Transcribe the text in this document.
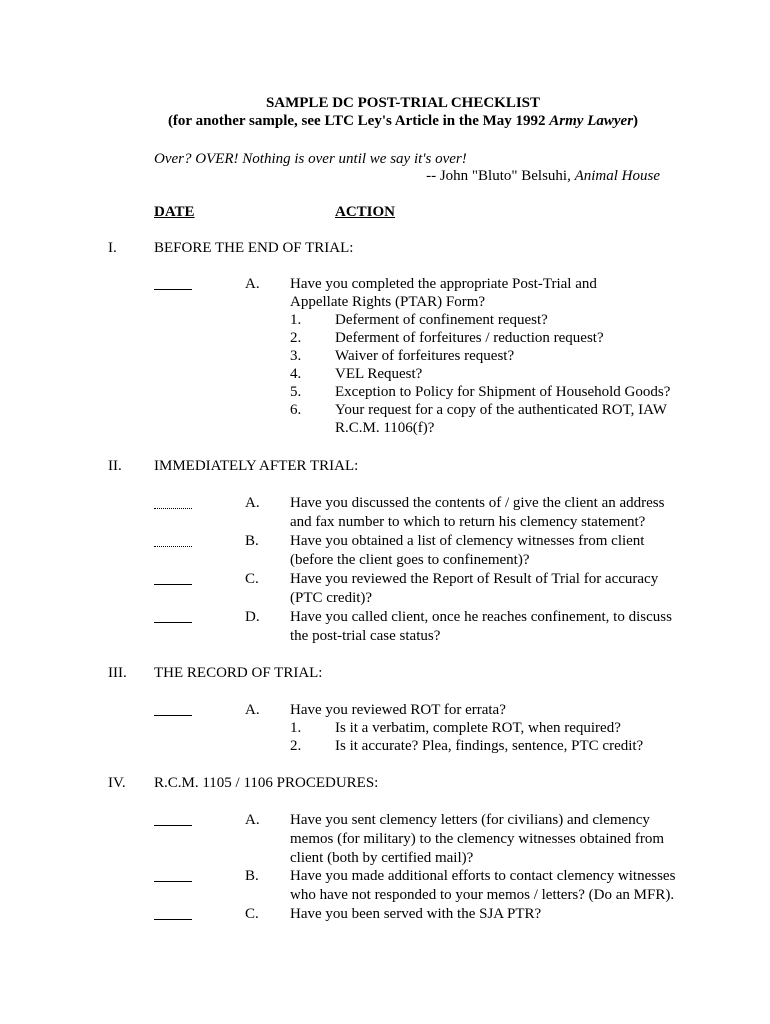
SAMPLE DC POST-TRIAL CHECKLIST
(for another sample, see LTC Ley's Article in the May 1992 Army Lawyer)
Over? OVER! Nothing is over until we say it's over!
-- John "Bluto" Belsuhi, Animal House
DATE	ACTION
I. BEFORE THE END OF TRIAL:
A. Have you completed the appropriate Post-Trial and
Appellate Rights (PTAR) Form?
1. Deferment of confinement request?
2. Deferment of forfeitures / reduction request?
3. Waiver of forfeitures request?
4. VEL Request?
5. Exception to Policy for Shipment of Household Goods?
6. Your request for a copy of the authenticated ROT, IAW
R.C.M. 1106(f)?
II. IMMEDIATELY AFTER TRIAL:
A. Have you discussed the contents of / give the client an address
and fax number to which to return his clemency statement?
B. Have you obtained a list of clemency witnesses from client
(before the client goes to confinement)?
C. Have you reviewed the Report of Result of Trial for accuracy
(PTC credit)?
D. Have you called client, once he reaches confinement, to discuss
the post-trial case status?
III. THE RECORD OF TRIAL:
A. Have you reviewed ROT for errata?
1. Is it a verbatim, complete ROT, when required?
2. Is it accurate? Plea, findings, sentence, PTC credit?
IV. R.C.M. 1105 / 1106 PROCEDURES:
A. Have you sent clemency letters (for civilians) and clemency
memos (for military) to the clemency witnesses obtained from
client (both by certified mail)?
B. Have you made additional efforts to contact clemency witnesses
who have not responded to your memos / letters? (Do an MFR).
C. Have you been served with the SJA PTR?
